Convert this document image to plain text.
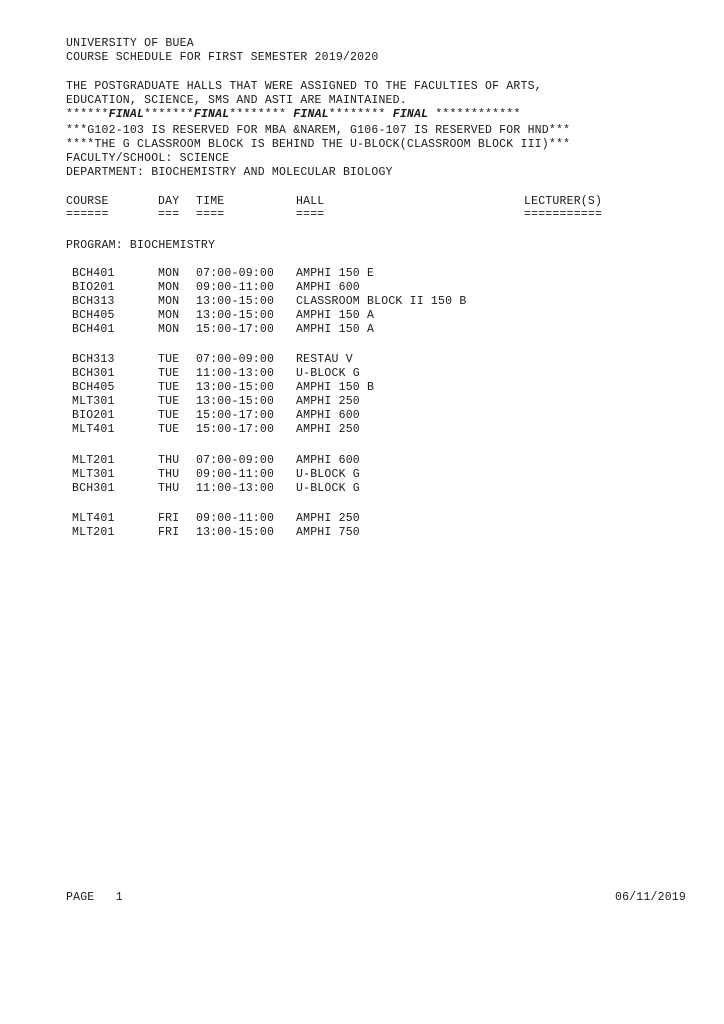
UNIVERSITY OF BUEA
COURSE SCHEDULE FOR FIRST SEMESTER 2019/2020
THE POSTGRADUATE HALLS THAT WERE ASSIGNED TO THE FACULTIES OF ARTS,
EDUCATION, SCIENCE, SMS AND ASTI ARE MAINTAINED.
******FINAL*******FINAL******** FINAL******** FINAL ************
***G102-103 IS RESERVED FOR MBA &NAREM, G106-107 IS RESERVED FOR HND***
****THE G CLASSROOM BLOCK IS BEHIND THE U-BLOCK(CLASSROOM BLOCK III)***
FACULTY/SCHOOL: SCIENCE
DEPARTMENT: BIOCHEMISTRY AND MOLECULAR BIOLOGY
COURSE	DAY TIME	HALL	LECTURER(S)
======	=== ====	====	===========
PROGRAM: BIOCHEMISTRY
BCH401	MON 07:00-09:00 AMPHI 150 E
BIO201	MON 09:00-11:00 AMPHI 600
BCH313	MON 13:00-15:00 CLASSROOM BLOCK II 150 B
BCH405	MON 13:00-15:00 AMPHI 150 A
BCH401	MON 15:00-17:00 AMPHI 150 A
BCH313	TUE 07:00-09:00 RESTAU V
BCH301	TUE 11:00-13:00 U-BLOCK G
BCH405	TUE 13:00-15:00 AMPHI 150 B
MLT301	TUE 13:00-15:00 AMPHI 250
BIO201	TUE 15:00-17:00 AMPHI 600
MLT401	TUE 15:00-17:00 AMPHI 250
MLT201	THU 07:00-09:00 AMPHI 600
MLT301	THU 09:00-11:00 U-BLOCK G
BCH301	THU 11:00-13:00 U-BLOCK G
MLT401	FRI 09:00-11:00 AMPHI 250
MLT201	FRI 13:00-15:00 AMPHI 750
PAGE   1	06/11/2019
